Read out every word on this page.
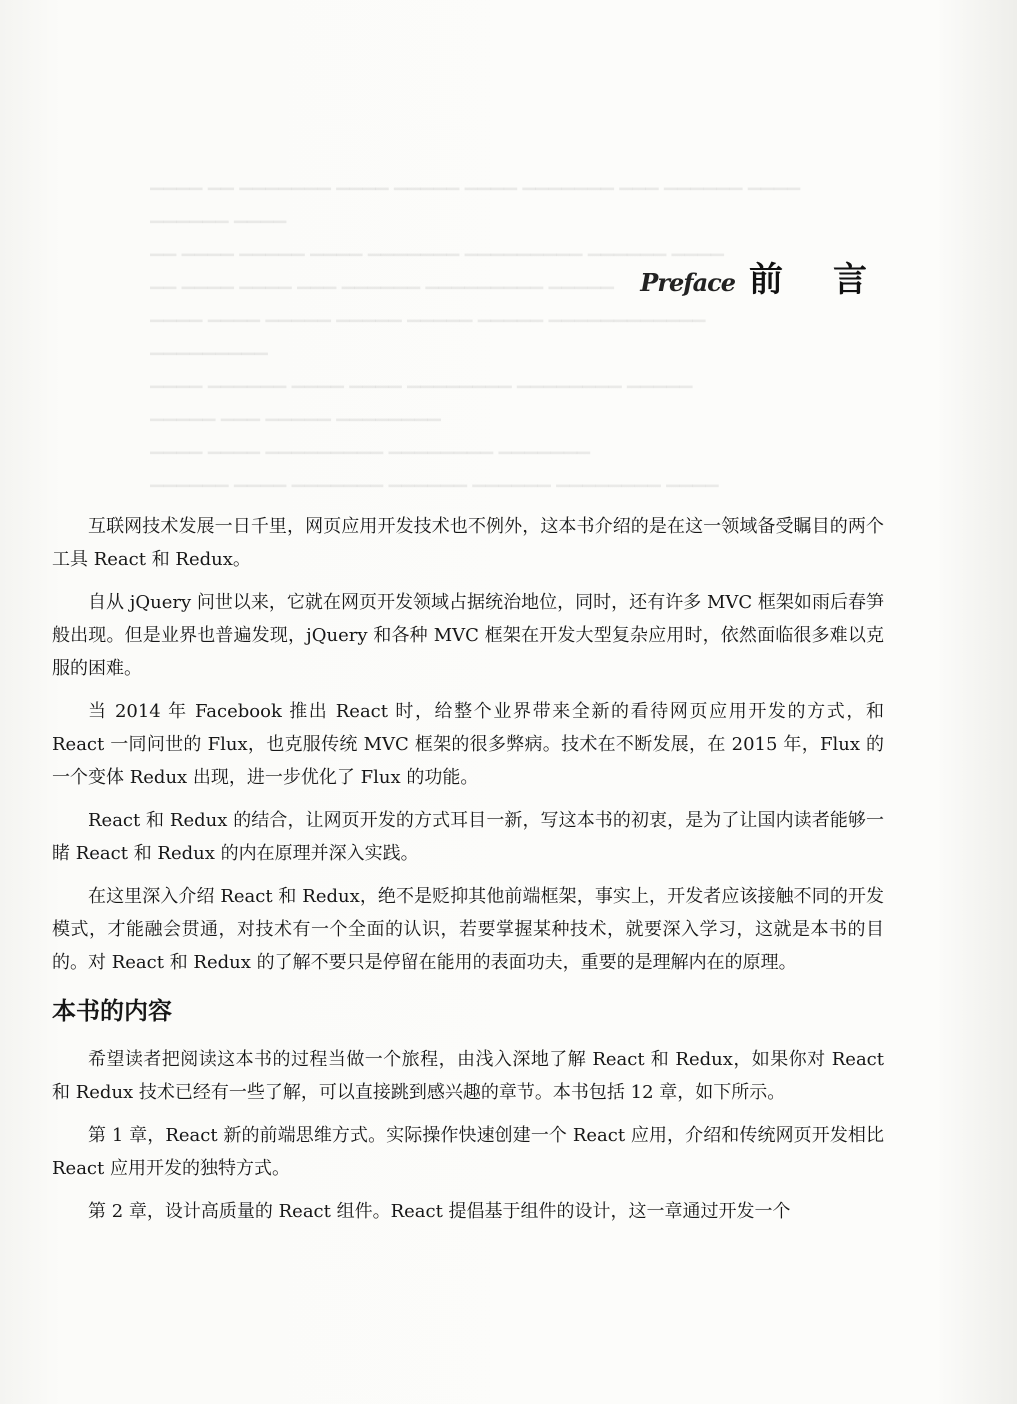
▁▁▁▁ ▁▁ ▁▁▁▁▁▁▁ ▁▁▁▁ ▁▁▁▁▁ ▁▁▁▁ ▁▁▁▁▁▁▁ ▁▁▁ ▁▁▁▁▁▁ ▁▁▁▁
▁▁▁▁▁▁ ▁▁▁▁
▁▁ ▁▁▁▁ ▁▁▁▁▁ ▁▁▁▁ ▁▁▁▁▁▁▁ ▁▁▁▁▁▁▁▁▁ ▁▁▁▁▁▁ ▁▁▁▁
▁▁ ▁▁▁▁ ▁▁▁▁ ▁▁▁ ▁▁▁▁▁▁ ▁▁▁▁▁▁▁▁▁ ▁▁▁▁▁
▁▁▁▁ ▁▁▁▁ ▁▁▁▁▁ ▁▁▁▁▁ ▁▁▁▁▁ ▁▁▁▁▁ ▁▁▁▁▁▁▁▁▁▁▁▁
▁▁▁▁▁▁▁▁▁
▁▁▁▁ ▁▁▁▁▁▁ ▁▁▁▁ ▁▁▁▁ ▁▁▁▁▁▁▁▁ ▁▁▁▁▁▁▁▁ ▁▁▁▁▁
▁▁▁▁▁ ▁▁▁ ▁▁▁▁▁ ▁▁▁▁▁▁▁▁
▁▁▁▁ ▁▁▁▁ ▁▁▁▁▁▁▁▁▁ ▁▁▁▁▁▁▁▁ ▁▁▁▁▁▁▁
▁▁▁▁▁▁ ▁▁▁▁ ▁▁▁▁▁▁▁ ▁▁▁▁▁▁ ▁▁▁▁▁▁ ▁▁▁▁▁▁▁▁ ▁▁▁▁
Preface 前言

互联网技术发展一日千里，网页应用开发技术也不例外，这本书介绍的是在这一领域备受瞩目的两个工具 React 和 Redux。

自从 jQuery 问世以来，它就在网页开发领域占据统治地位，同时，还有许多 MVC 框架如雨后春笋般出现。但是业界也普遍发现，jQuery 和各种 MVC 框架在开发大型复杂应用时，依然面临很多难以克服的困难。

当 2014 年 Facebook 推出 React 时，给整个业界带来全新的看待网页应用开发的方式，和 React 一同问世的 Flux，也克服传统 MVC 框架的很多弊病。技术在不断发展，在 2015 年，Flux 的一个变体 Redux 出现，进一步优化了 Flux 的功能。

React 和 Redux 的结合，让网页开发的方式耳目一新，写这本书的初衷，是为了让国内读者能够一睹 React 和 Redux 的内在原理并深入实践。

在这里深入介绍 React 和 Redux，绝不是贬抑其他前端框架，事实上，开发者应该接触不同的开发模式，才能融会贯通，对技术有一个全面的认识，若要掌握某种技术，就要深入学习，这就是本书的目的。对 React 和 Redux 的了解不要只是停留在能用的表面功夫，重要的是理解内在的原理。

本书的内容

希望读者把阅读这本书的过程当做一个旅程，由浅入深地了解 React 和 Redux，如果你对 React 和 Redux 技术已经有一些了解，可以直接跳到感兴趣的章节。本书包括 12 章，如下所示。

第 1 章，React 新的前端思维方式。实际操作快速创建一个 React 应用，介绍和传统网页开发相比 React 应用开发的独特方式。

第 2 章，设计高质量的 React 组件。React 提倡基于组件的设计，这一章通过开发一个
